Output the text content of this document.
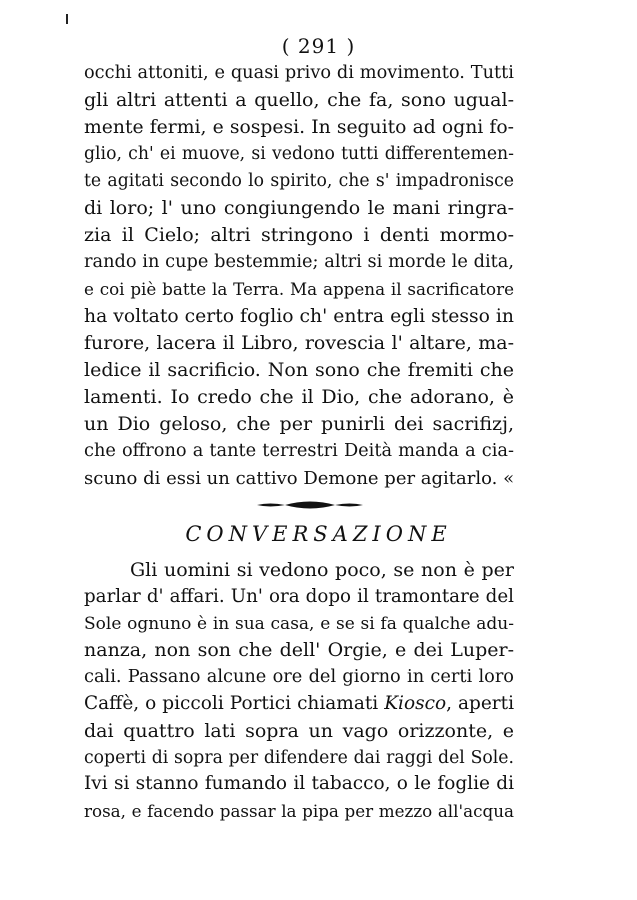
( 291 )
occhi attoniti, e quasi privo di movimento. Tutti
gli altri attenti a quello, che fa, sono ugual-
mente fermi, e sospesi. In seguito ad ogni fo-
glio, ch' ei muove, si vedono tutti differentemen-
te agitati secondo lo spirito, che s' impadronisce
di loro; l' uno congiungendo le mani ringra-
zia il Cielo; altri stringono i denti mormo-
rando in cupe bestemmie; altri si morde le dita,
e coi piè batte la Terra. Ma appena il sacrificatore
ha voltato certo foglio ch' entra egli stesso in
furore, lacera il Libro, rovescia l' altare, ma-
ledice il sacrificio. Non sono che fremiti che
lamenti. Io credo che il Dio, che adorano, è
un Dio geloso, che per punirli dei sacrifizj,
che offrono a tante terrestri Deità manda a cia-
scuno di essi un cattivo Demone per agitarlo. «
CONVERSAZIONE
Gli uomini si vedono poco, se non è per
parlar d' affari. Un' ora dopo il tramontare del
Sole ognuno è in sua casa, e se si fa qualche adu-
nanza, non son che dell' Orgie, e dei Luper-
cali. Passano alcune ore del giorno in certi loro
Caffè, o piccoli Portici chiamati Kiosco, aperti
dai quattro lati sopra un vago orizzonte, e
coperti di sopra per difendere dai raggi del Sole.
Ivi si stanno fumando il tabacco, o le foglie di
rosa, e facendo passar la pipa per mezzo all'acqua
